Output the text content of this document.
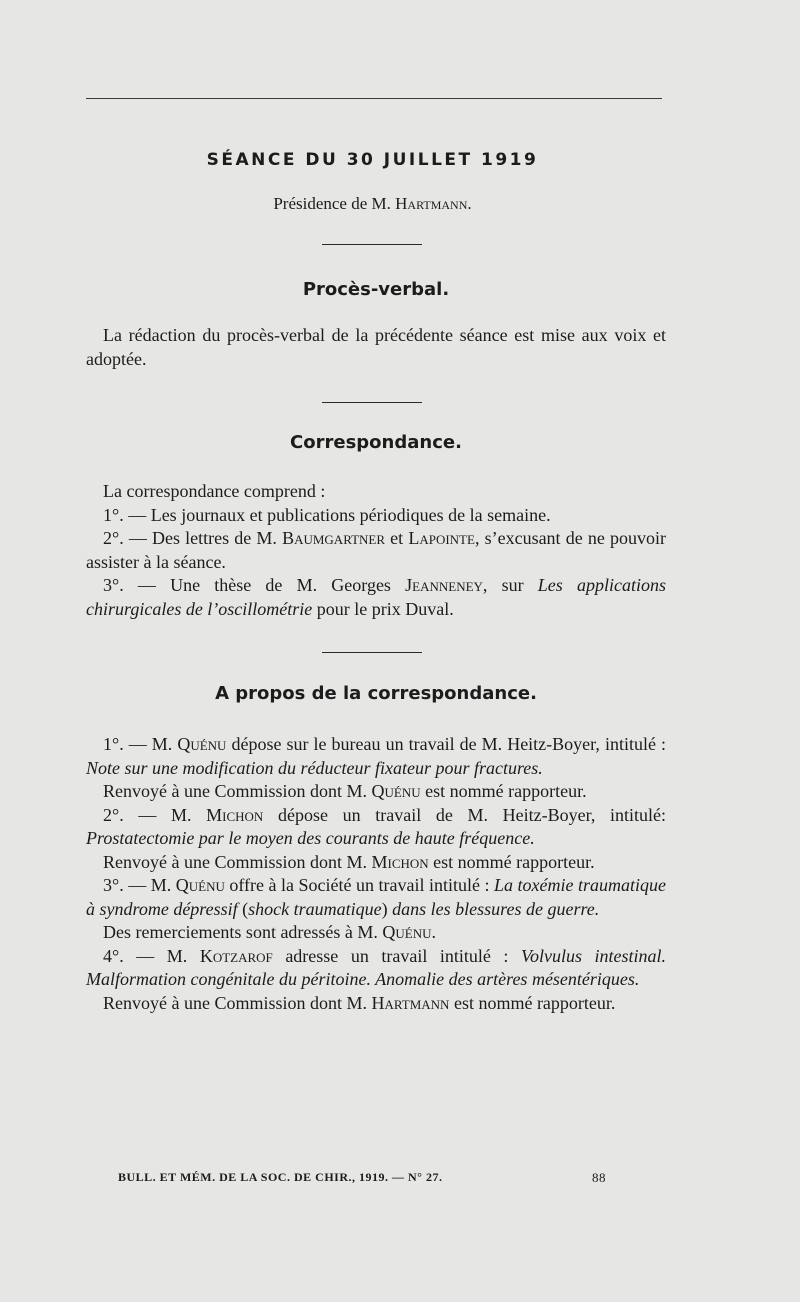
SÉANCE DU 30 JUILLET 1919
Présidence de M. Hartmann.
Procès-verbal.

La rédaction du procès-verbal de la précédente séance est mise aux voix et adoptée.

Correspondance.

La correspondance comprend :

1°. — Les journaux et publications périodiques de la semaine.

2°. — Des lettres de M. Baumgartner et Lapointe, s’excusant de ne pouvoir assister à la séance.

3°. — Une thèse de M. Georges Jeanneney, sur Les applications chirurgicales de l’oscillométrie pour le prix Duval.

A propos de la correspondance.

1°. — M. Quénu dépose sur le bureau un travail de M. Heitz-Boyer, intitulé : Note sur une modification du réducteur fixateur pour fractures.

Renvoyé à une Commission dont M. Quénu est nommé rapporteur.

2°. — M. Michon dépose un travail de M. Heitz-Boyer, intitulé: Prostatectomie par le moyen des courants de haute fréquence.

Renvoyé à une Commission dont M. Michon est nommé rapporteur.

3°. — M. Quénu offre à la Société un travail intitulé : La toxémie traumatique à syndrome dépressif (shock traumatique) dans les blessures de guerre.

Des remerciements sont adressés à M. Quénu.

4°. — M. Kotzarof adresse un travail intitulé : Volvulus intestinal. Malformation congénitale du péritoine. Anomalie des artères mésentériques.

Renvoyé à une Commission dont M. Hartmann est nommé rapporteur.

BULL. ET MÉM. DE LA SOC. DE CHIR., 1919. — N° 27.	88
